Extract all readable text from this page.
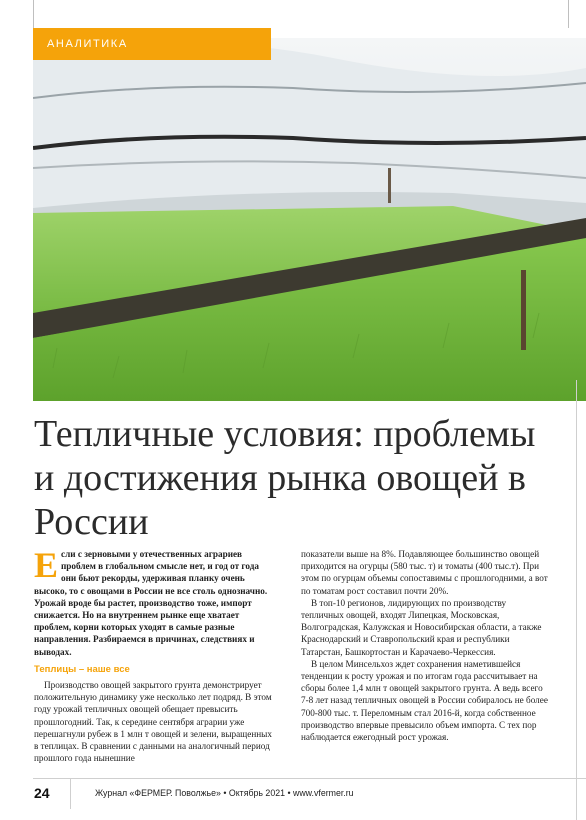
АНАЛИТИКА
Тепличные условия: проблемы и достижения рынка овощей в России

Если с зерновыми у отечественных аграриев проблем в глобальном смысле нет, и год от года они бьют рекорды, удерживая планку очень высоко, то с овощами в России не все столь однозначно. Урожай вроде бы растет, производство тоже, импорт снижается. Но на внутреннем рынке еще хватает проблем, корни которых уходят в самые разные направления. Разбираемся в причинах, следствиях и выводах.

Теплицы – наше все

Производство овощей закрытого грунта демонстрирует положительную динамику уже несколько лет подряд. В этом году урожай тепличных овощей обещает превысить прошлогодний. Так, к середине сентября аграрии уже перешагнули рубеж в 1 млн т овощей и зелени, выращенных в теплицах. В сравнении с данными на аналогичный период прошлого года нынешние

показатели выше на 8%. Подавляющее большинство овощей приходится на огурцы (580 тыс. т) и томаты (400 тыс.т). При этом по огурцам объемы сопоставимы с прошлогодними, а вот по томатам рост составил почти 20%.

В топ-10 регионов, лидирующих по производству тепличных овощей, входят Липецкая, Московская, Волгоградская, Калужская и Новосибирская области, а также Краснодарский и Ставропольский края и республики Татарстан, Башкортостан и Карачаево-Черкессия.

В целом Минсельхоз ждет сохранения наметившейся тенденции к росту урожая и по итогам года рассчитывает на сборы более 1,4 млн т овощей закрытого грунта. А ведь всего 7-8 лет назад тепличных овощей в России собиралось не более 700-800 тыс. т. Переломным стал 2016-й, когда собственное производство впервые превысило объем импорта. С тех пор наблюдается ежегодный рост урожая.

24	Журнал «ФЕРМЕР. Поволжье» • Октябрь 2021 • www.vfermer.ru
